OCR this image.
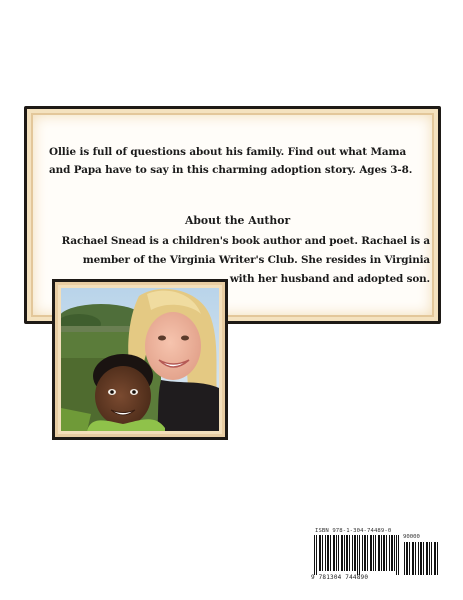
Ollie is full of questions about his family. Find out what Mama and Papa have to say in this charming adoption story. Ages 3-8.

About the Author

Rachael Snead is a children's book author and poet. Rachael is a member of the Virginia Writer's Club. She resides in Virginia with her husband and adopted son.

ISBN 978-1-304-74489-0

90000

9 781304 744890
